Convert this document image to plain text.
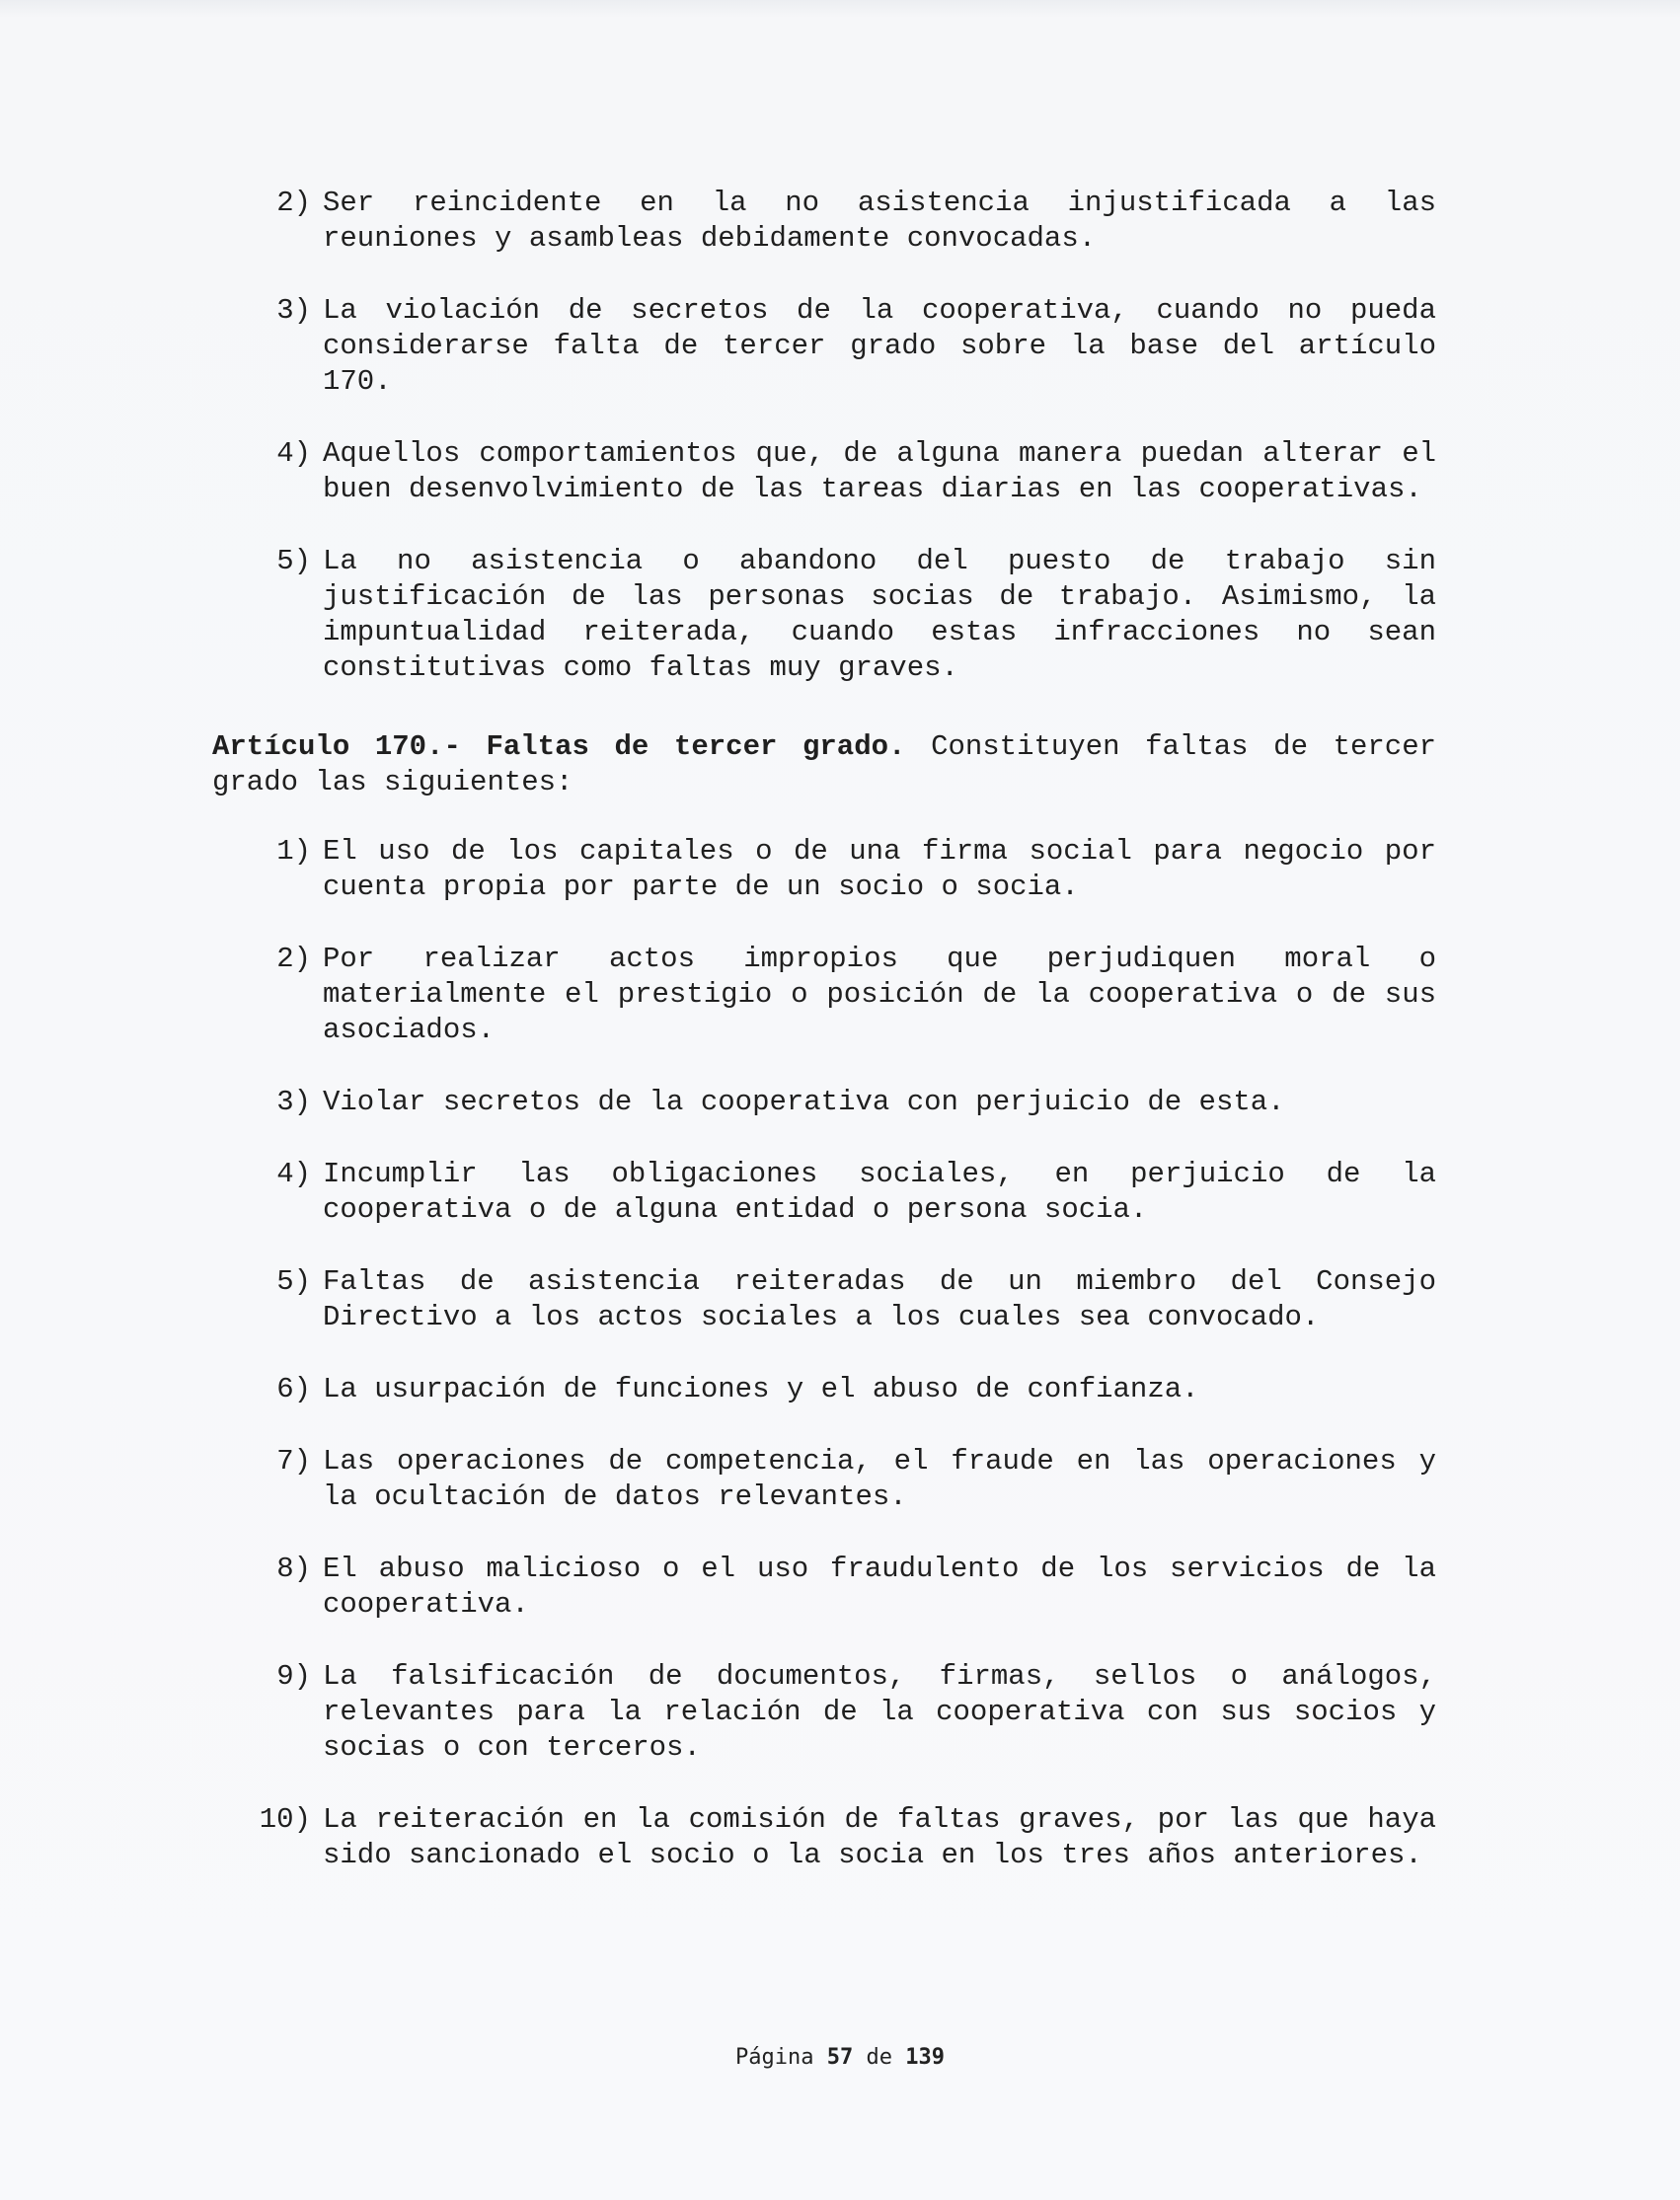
2) Ser reincidente en la no asistencia injustificada a las reuniones y asambleas debidamente convocadas.
3) La violación de secretos de la cooperativa, cuando no pueda considerarse falta de tercer grado sobre la base del artículo 170.
4) Aquellos comportamientos que, de alguna manera puedan alterar el buen desenvolvimiento de las tareas diarias en las cooperativas.
5) La no asistencia o abandono del puesto de trabajo sin justificación de las personas socias de trabajo. Asimismo, la impuntualidad reiterada, cuando estas infracciones no sean constitutivas como faltas muy graves.

Artículo 170.- Faltas de tercer grado. Constituyen faltas de tercer grado las siguientes:

1) El uso de los capitales o de una firma social para negocio por cuenta propia por parte de un socio o socia.
2) Por realizar actos impropios que perjudiquen moral o materialmente el prestigio o posición de la cooperativa o de sus asociados.
3) Violar secretos de la cooperativa con perjuicio de esta.
4) Incumplir las obligaciones sociales, en perjuicio de la cooperativa o de alguna entidad o persona socia.
5) Faltas de asistencia reiteradas de un miembro del Consejo Directivo a los actos sociales a los cuales sea convocado.
6) La usurpación de funciones y el abuso de confianza.
7) Las operaciones de competencia, el fraude en las operaciones y la ocultación de datos relevantes.
8) El abuso malicioso o el uso fraudulento de los servicios de la cooperativa.
9) La falsificación de documentos, firmas, sellos o análogos, relevantes para la relación de la cooperativa con sus socios y socias o con terceros.
10) La reiteración en la comisión de faltas graves, por las que haya sido sancionado el socio o la socia en los tres años anteriores.
Página 57 de 139
